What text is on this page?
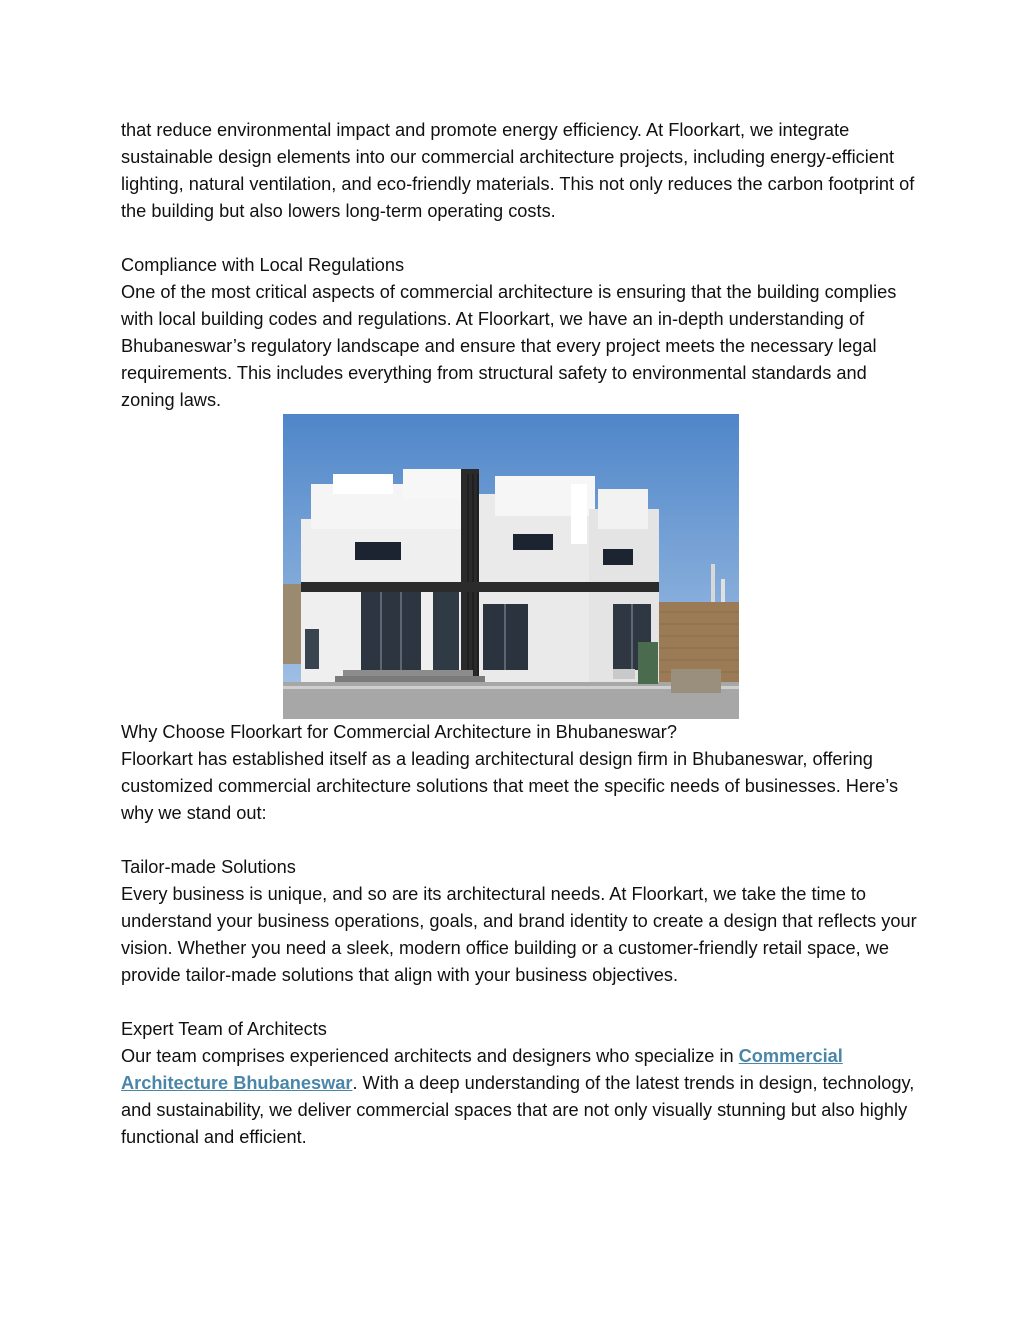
that reduce environmental impact and promote energy efficiency. At Floorkart, we integrate sustainable design elements into our commercial architecture projects, including energy-efficient lighting, natural ventilation, and eco-friendly materials. This not only reduces the carbon footprint of the building but also lowers long-term operating costs.

Compliance with Local Regulations

One of the most critical aspects of commercial architecture is ensuring that the building complies with local building codes and regulations. At Floorkart, we have an in-depth understanding of Bhubaneswar’s regulatory landscape and ensure that every project meets the necessary legal requirements. This includes everything from structural safety to environmental standards and zoning laws.

Why Choose Floorkart for Commercial Architecture in Bhubaneswar?

Floorkart has established itself as a leading architectural design firm in Bhubaneswar, offering customized commercial architecture solutions that meet the specific needs of businesses. Here’s why we stand out:

Tailor-made Solutions

Every business is unique, and so are its architectural needs. At Floorkart, we take the time to understand your business operations, goals, and brand identity to create a design that reflects your vision. Whether you need a sleek, modern office building or a customer-friendly retail space, we provide tailor-made solutions that align with your business objectives.

Expert Team of Architects

Our team comprises experienced architects and designers who specialize in Commercial Architecture Bhubaneswar. With a deep understanding of the latest trends in design, technology, and sustainability, we deliver commercial spaces that are not only visually stunning but also highly functional and efficient.
